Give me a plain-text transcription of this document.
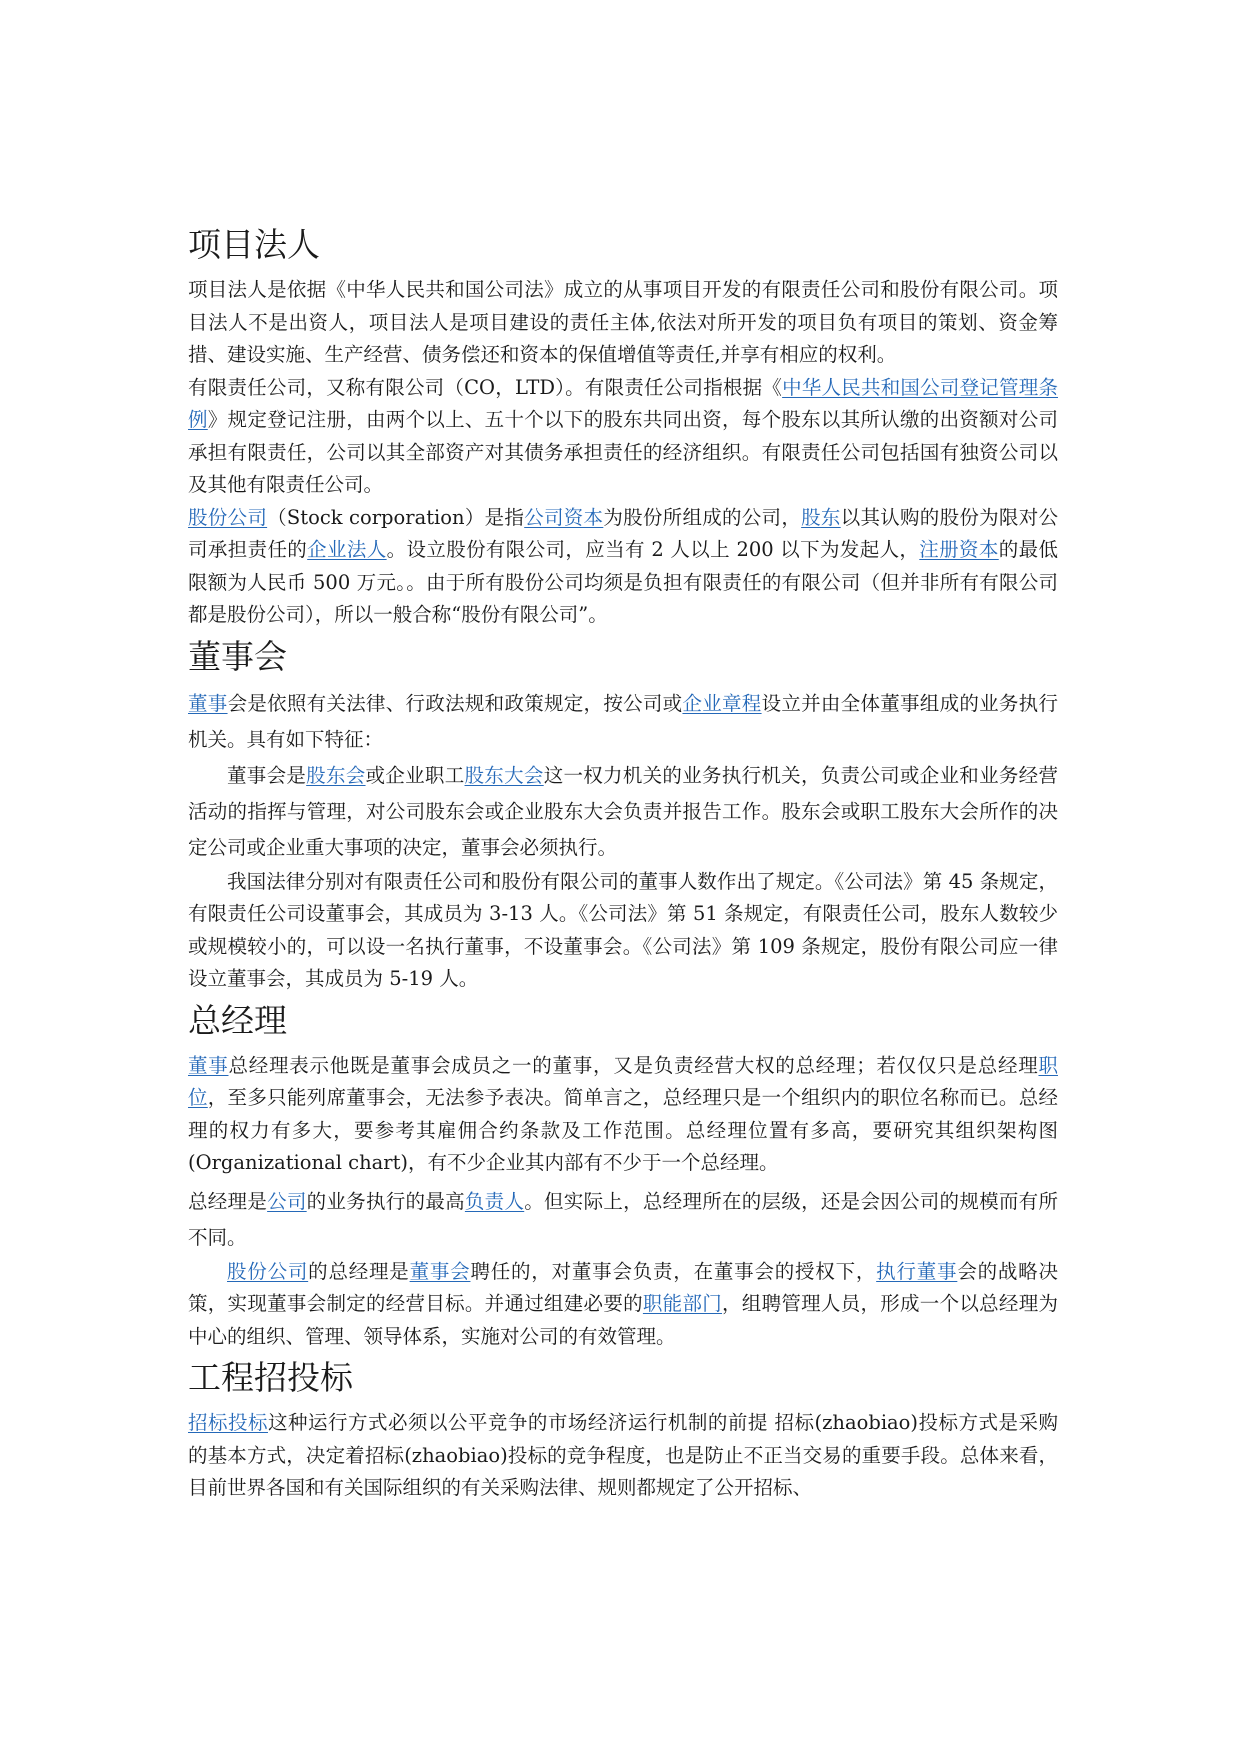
项目法人

项目法人是依据《中华人民共和国公司法》成立的从事项目开发的有限责任公司和股份有限公司。项目法人不是出资人，项目法人是项目建设的责任主体,依法对所开发的项目负有项目的策划、资金筹措、建设实施、生产经营、债务偿还和资本的保值增值等责任,并享有相应的权利。

有限责任公司，又称有限公司（CO，LTD）。有限责任公司指根据《中华人民共和国公司登记管理条例》规定登记注册，由两个以上、五十个以下的股东共同出资，每个股东以其所认缴的出资额对公司承担有限责任，公司以其全部资产对其债务承担责任的经济组织。有限责任公司包括国有独资公司以及其他有限责任公司。

股份公司（Stock corporation）是指公司资本为股份所组成的公司，股东以其认购的股份为限对公司承担责任的企业法人。设立股份有限公司，应当有 2 人以上 200 以下为发起人，注册资本的最低限额为人民币 500 万元。。由于所有股份公司均须是负担有限责任的有限公司（但并非所有有限公司都是股份公司），所以一般合称“股份有限公司”。

董事会

董事会是依照有关法律、行政法规和政策规定，按公司或企业章程设立并由全体董事组成的业务执行机关。具有如下特征：

董事会是股东会或企业职工股东大会这一权力机关的业务执行机关，负责公司或企业和业务经营活动的指挥与管理，对公司股东会或企业股东大会负责并报告工作。股东会或职工股东大会所作的决定公司或企业重大事项的决定，董事会必须执行。

我国法律分别对有限责任公司和股份有限公司的董事人数作出了规定。《公司法》第 45 条规定，有限责任公司设董事会，其成员为 3-13 人。《公司法》第 51 条规定，有限责任公司，股东人数较少或规模较小的，可以设一名执行董事，不设董事会。《公司法》第 109 条规定，股份有限公司应一律设立董事会，其成员为 5-19 人。

总经理

董事总经理表示他既是董事会成员之一的董事，又是负责经营大权的总经理；若仅仅只是总经理职位，至多只能列席董事会，无法参予表决。简单言之，总经理只是一个组织内的职位名称而已。总经理的权力有多大，要参考其雇佣合约条款及工作范围。总经理位置有多高，要研究其组织架构图 (Organizational chart)，有不少企业其内部有不少于一个总经理。

总经理是公司的业务执行的最高负责人。但实际上，总经理所在的层级，还是会因公司的规模而有所不同。

股份公司的总经理是董事会聘任的，对董事会负责，在董事会的授权下，执行董事会的战略决策，实现董事会制定的经营目标。并通过组建必要的职能部门，组聘管理人员，形成一个以总经理为中心的组织、管理、领导体系，实施对公司的有效管理。

工程招投标

招标投标这种运行方式必须以公平竞争的市场经济运行机制的前提 招标(zhaobiao)投标方式是采购的基本方式，决定着招标(zhaobiao)投标的竞争程度，也是防止不正当交易的重要手段。总体来看，目前世界各国和有关国际组织的有关采购法律、规则都规定了公开招标、
